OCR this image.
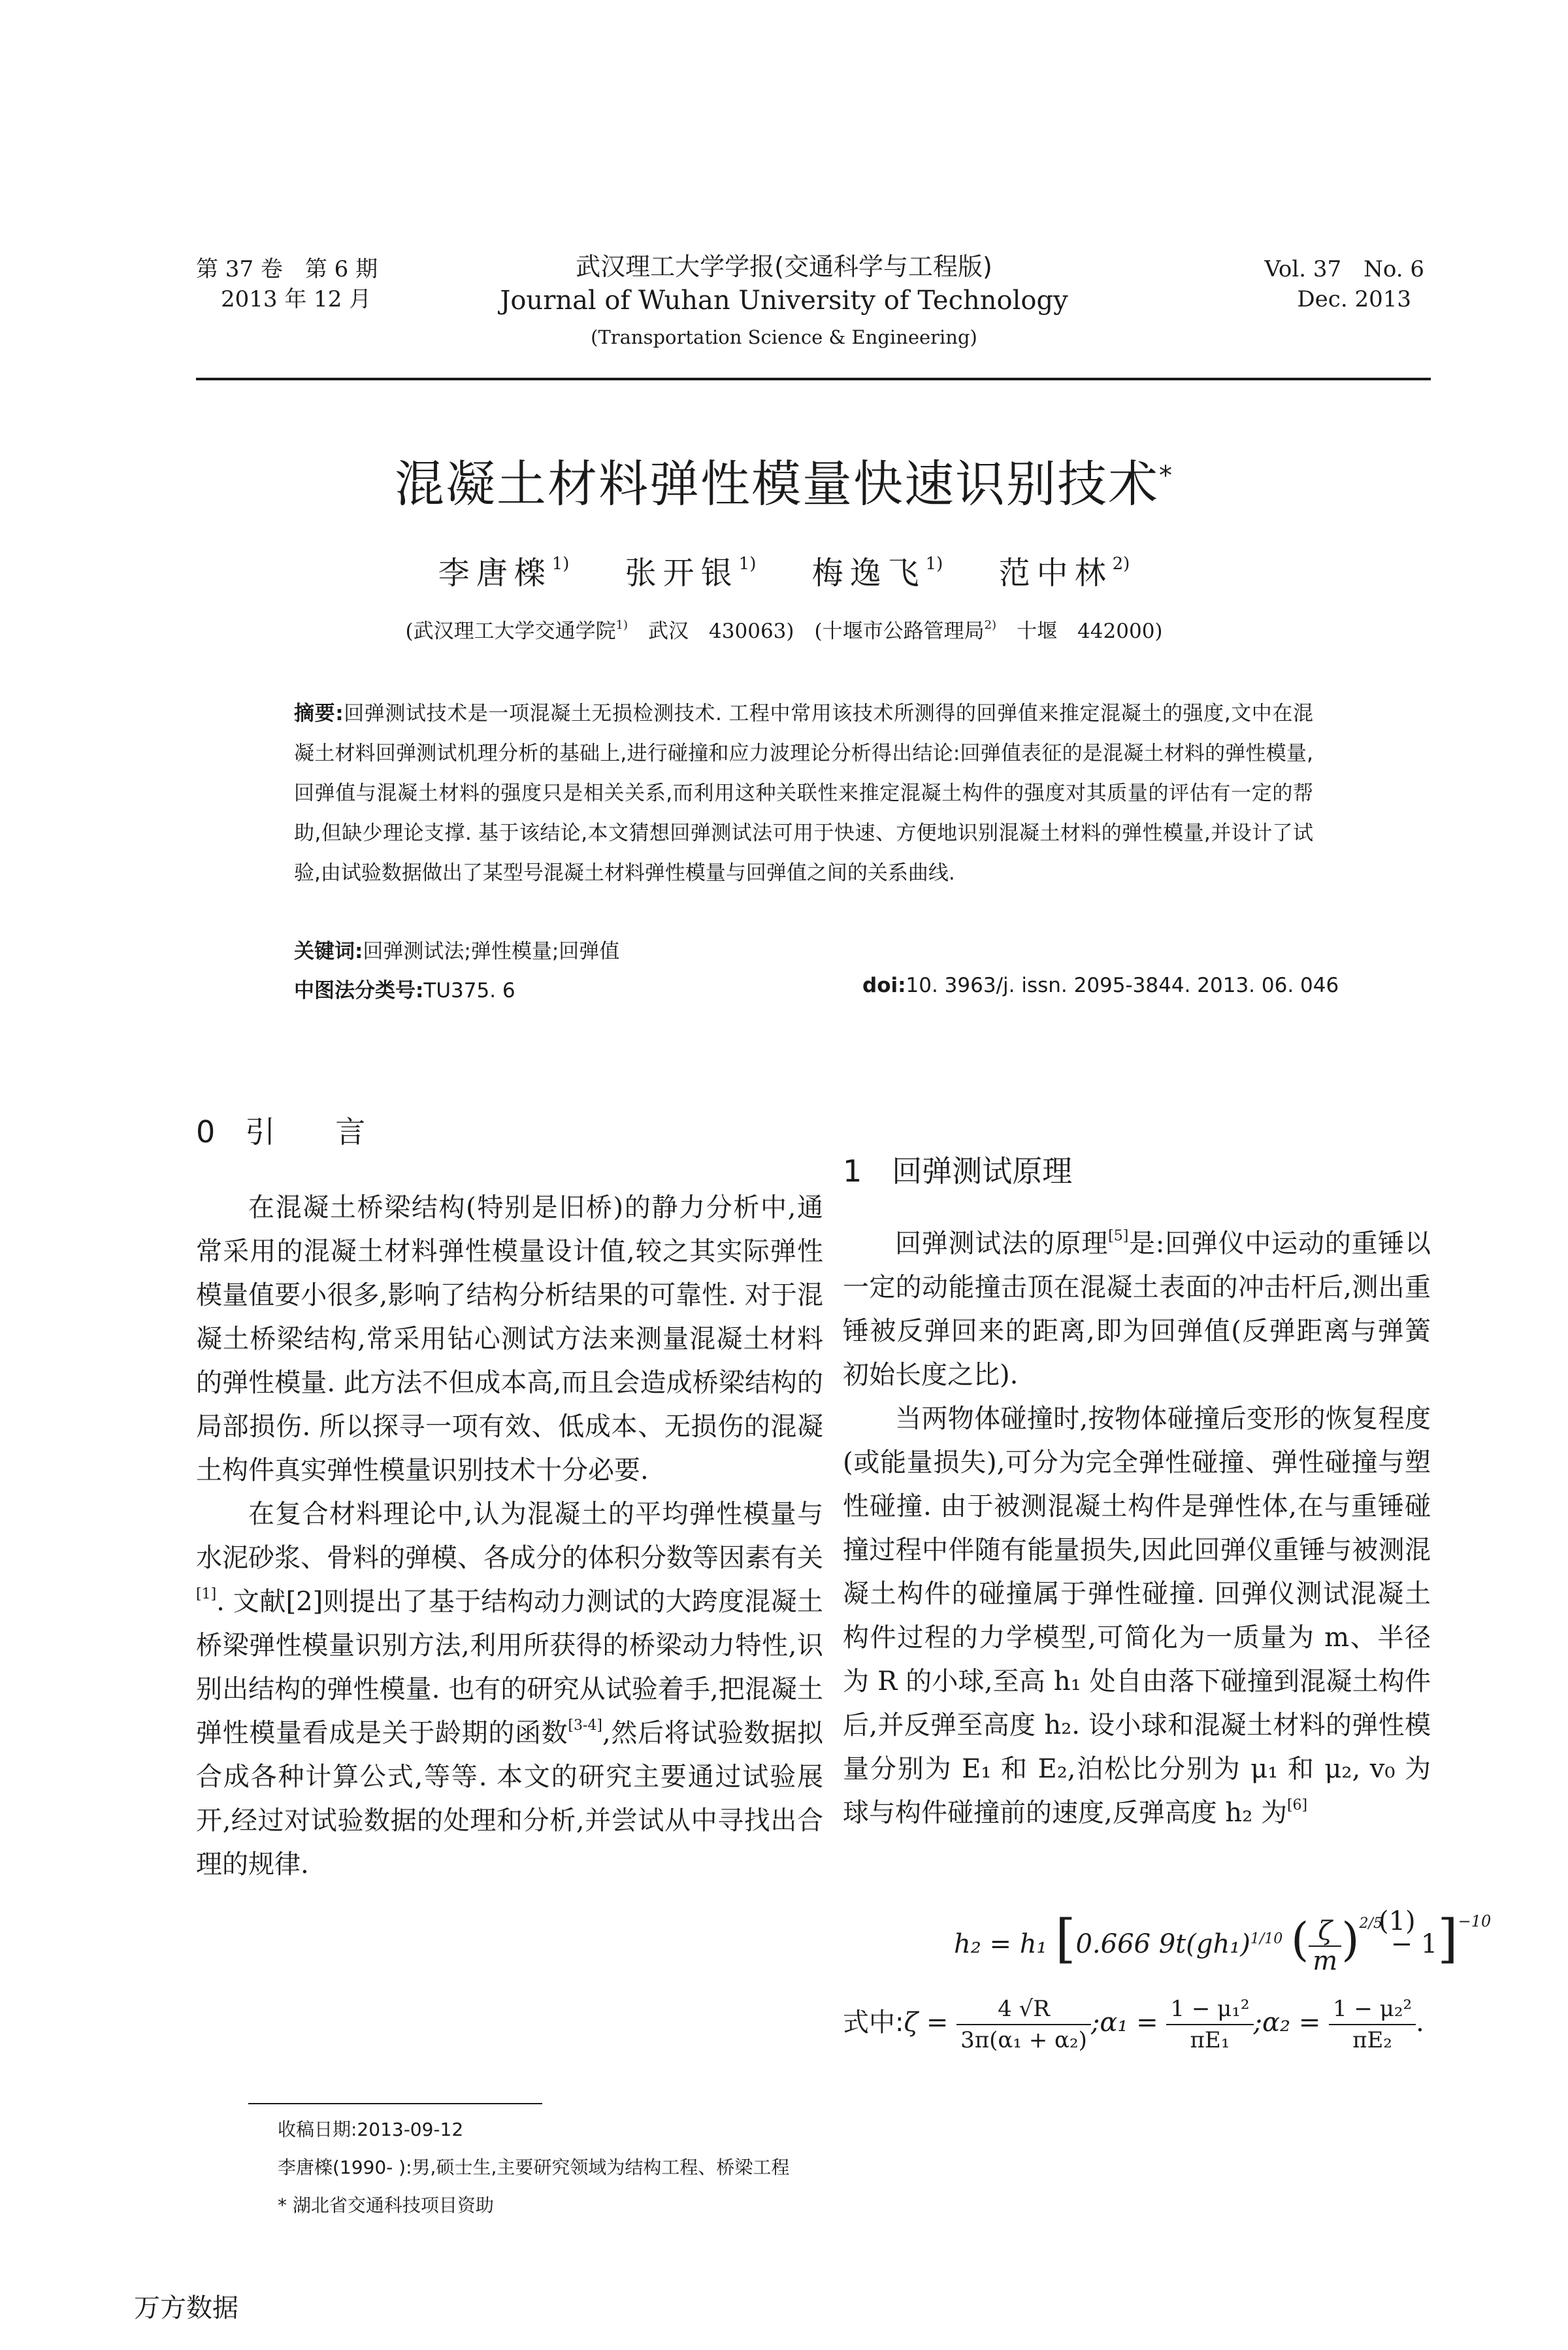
第 37 卷　第 6 期
2013 年 12 月
武汉理工大学学报(交通科学与工程版)
Journal of Wuhan University of Technology
(Transportation Science & Engineering)
Vol. 37　No. 6
Dec. 2013
混凝土材料弹性模量快速识别技术*
李唐檪$^{1)}$ 张开银$^{1)}$ 梅逸飞$^{1)}$ 范中林$^{2)}$
(武汉理工大学交通学院$^{1)}$　武汉　430063)　(十堰市公路管理局$^{2)}$　十堰　442000)
摘要:回弹测试技术是一项混凝土无损检测技术. 工程中常用该技术所测得的回弹值来推定混凝土的强度,文中在混凝土材料回弹测试机理分析的基础上,进行碰撞和应力波理论分析得出结论:回弹值表征的是混凝土材料的弹性模量,回弹值与混凝土材料的强度只是相关关系,而利用这种关联性来推定混凝土构件的强度对其质量的评估有一定的帮助,但缺少理论支撑. 基于该结论,本文猜想回弹测试法可用于快速、方便地识别混凝土材料的弹性模量,并设计了试验,由试验数据做出了某型号混凝土材料弹性模量与回弹值之间的关系曲线.
关键词:回弹测试法;弹性模量;回弹值
中图法分类号:TU375. 6	doi:10. 3963/j. issn. 2095-3844. 2013. 06. 046
0　引　　言

在混凝土桥梁结构(特别是旧桥)的静力分析中,通常采用的混凝土材料弹性模量设计值,较之其实际弹性模量值要小很多,影响了结构分析结果的可靠性. 对于混凝土桥梁结构,常采用钻心测试方法来测量混凝土材料的弹性模量. 此方法不但成本高,而且会造成桥梁结构的局部损伤. 所以探寻一项有效、低成本、无损伤的混凝土构件真实弹性模量识别技术十分必要.

在复合材料理论中,认为混凝土的平均弹性模量与水泥砂浆、骨料的弹模、各成分的体积分数等因素有关[1]. 文献[2]则提出了基于结构动力测试的大跨度混凝土桥梁弹性模量识别方法,利用所获得的桥梁动力特性,识别出结构的弹性模量. 也有的研究从试验着手,把混凝土弹性模量看成是关于龄期的函数[3-4],然后将试验数据拟合成各种计算公式,等等. 本文的研究主要通过试验展开,经过对试验数据的处理和分析,并尝试从中寻找出合理的规律.

1　回弹测试原理

回弹测试法的原理[5]是:回弹仪中运动的重锤以一定的动能撞击顶在混凝土表面的冲击杆后,测出重锤被反弹回来的距离,即为回弹值(反弹距离与弹簧初始长度之比).

当两物体碰撞时,按物体碰撞后变形的恢复程度(或能量损失),可分为完全弹性碰撞、弹性碰撞与塑性碰撞. 由于被测混凝土构件是弹性体,在与重锤碰撞过程中伴随有能量损失,因此回弹仪重锤与被测混凝土构件的碰撞属于弹性碰撞. 回弹仪测试混凝土构件过程的力学模型,可简化为一质量为 m、半径为 R 的小球,至高 h₁ 处自由落下碰撞到混凝土构件后,并反弹至高度 h₂. 设小球和混凝土材料的弹性模量分别为 E₁ 和 E₂,泊松比分别为 μ₁ 和 μ₂, v₀ 为球与构件碰撞前的速度,反弹高度 h₂ 为[6]

h₂ = h₁ [0.666 $9t(gh_1)^{1/10}$ ( $\frac{\zeta}{m} )^{2/5} - 1]^{-10}$
(1)
式中:ζ = $\frac{4 √R}{\text{3π(α₁ + α₂)}}$ ;α₁ = $\frac{\text{1 − μ₁²}}{\text{πE₁}}$ ;α₂ = $\frac{\text{1 − μ₂²}}{\text{πE₂}}$ .
收稿日期:2013-09-12
李唐檪(1990- ):男,硕士生,主要研究领域为结构工程、桥梁工程
* 湖北省交通科技项目资助
万方数据
